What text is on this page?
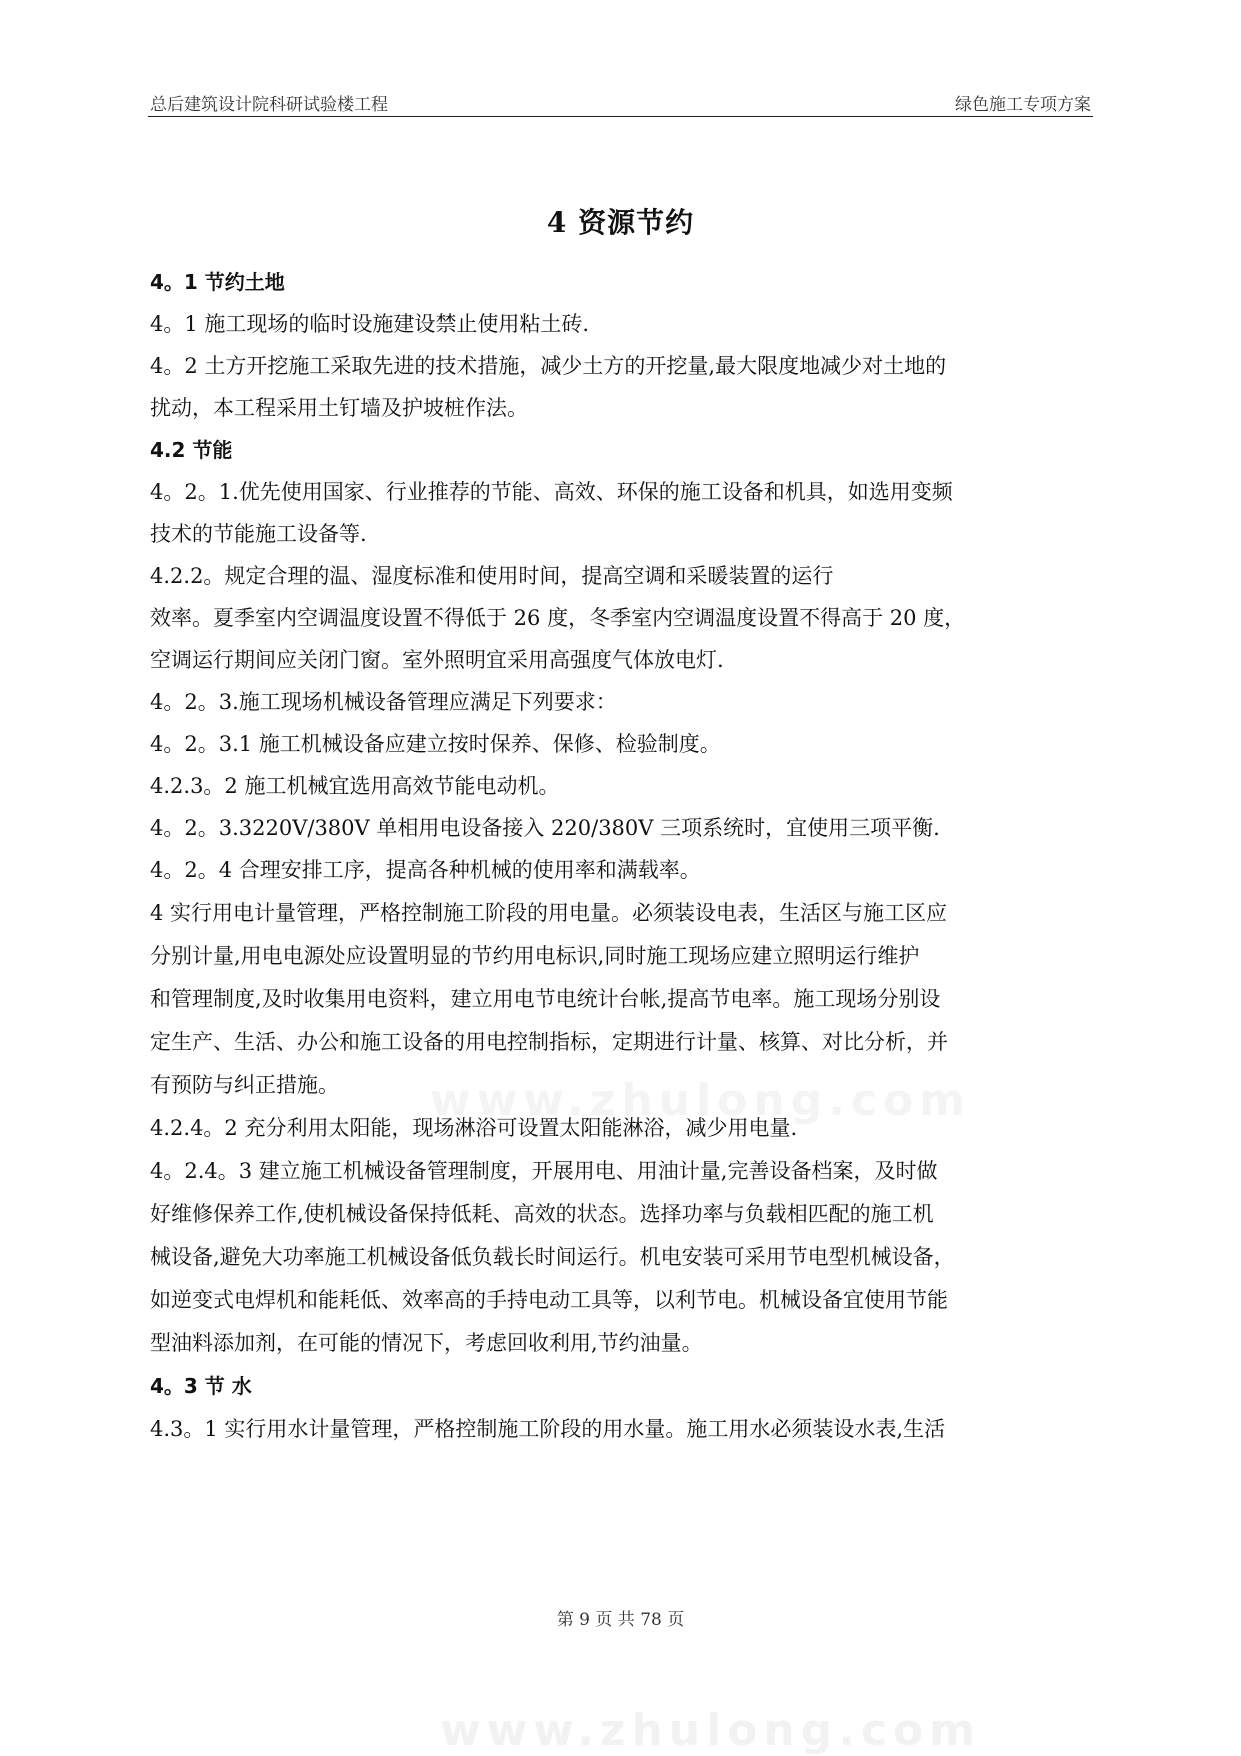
总后建筑设计院科研试验楼工程	绿色施工专项方案
4 资源节约
4。1 节约土地
4。1 施工现场的临时设施建设禁止使用粘土砖.
4。2 土方开挖施工采取先进的技术措施，减少土方的开挖量,最大限度地减少对土地的
扰动，本工程采用土钉墙及护坡桩作法。
4.2 节能
4。2。1.优先使用国家、行业推荐的节能、高效、环保的施工设备和机具，如选用变频
技术的节能施工设备等.
4.2.2。规定合理的温、湿度标准和使用时间，提高空调和采暖装置的运行
效率。夏季室内空调温度设置不得低于 26 度，冬季室内空调温度设置不得高于 20 度，
空调运行期间应关闭门窗。室外照明宜采用高强度气体放电灯.
4。2。3.施工现场机械设备管理应满足下列要求：
4。2。3.1 施工机械设备应建立按时保养、保修、检验制度。
4.2.3。2 施工机械宜选用高效节能电动机。
4。2。3.3220V/380V 单相用电设备接入 220/380V 三项系统时，宜使用三项平衡.
4。2。4 合理安排工序，提高各种机械的使用率和满载率。
4 实行用电计量管理，严格控制施工阶段的用电量。必须装设电表，生活区与施工区应
分别计量,用电电源处应设置明显的节约用电标识,同时施工现场应建立照明运行维护
和管理制度,及时收集用电资料，建立用电节电统计台帐,提高节电率。施工现场分别设
定生产、生活、办公和施工设备的用电控制指标，定期进行计量、核算、对比分析，并
有预防与纠正措施。
4.2.4。2 充分利用太阳能，现场淋浴可设置太阳能淋浴，减少用电量.
4。2.4。3 建立施工机械设备管理制度，开展用电、用油计量,完善设备档案，及时做
好维修保养工作,使机械设备保持低耗、高效的状态。选择功率与负载相匹配的施工机
械设备,避免大功率施工机械设备低负载长时间运行。机电安装可采用节电型机械设备，
如逆变式电焊机和能耗低、效率高的手持电动工具等，以利节电。机械设备宜使用节能
型油料添加剂，在可能的情况下，考虑回收利用,节约油量。
4。3 节 水
4.3。1 实行用水计量管理，严格控制施工阶段的用水量。施工用水必须装设水表,生活
www.zhulong.com
www.zhulong.com
第 9 页 共 78 页
